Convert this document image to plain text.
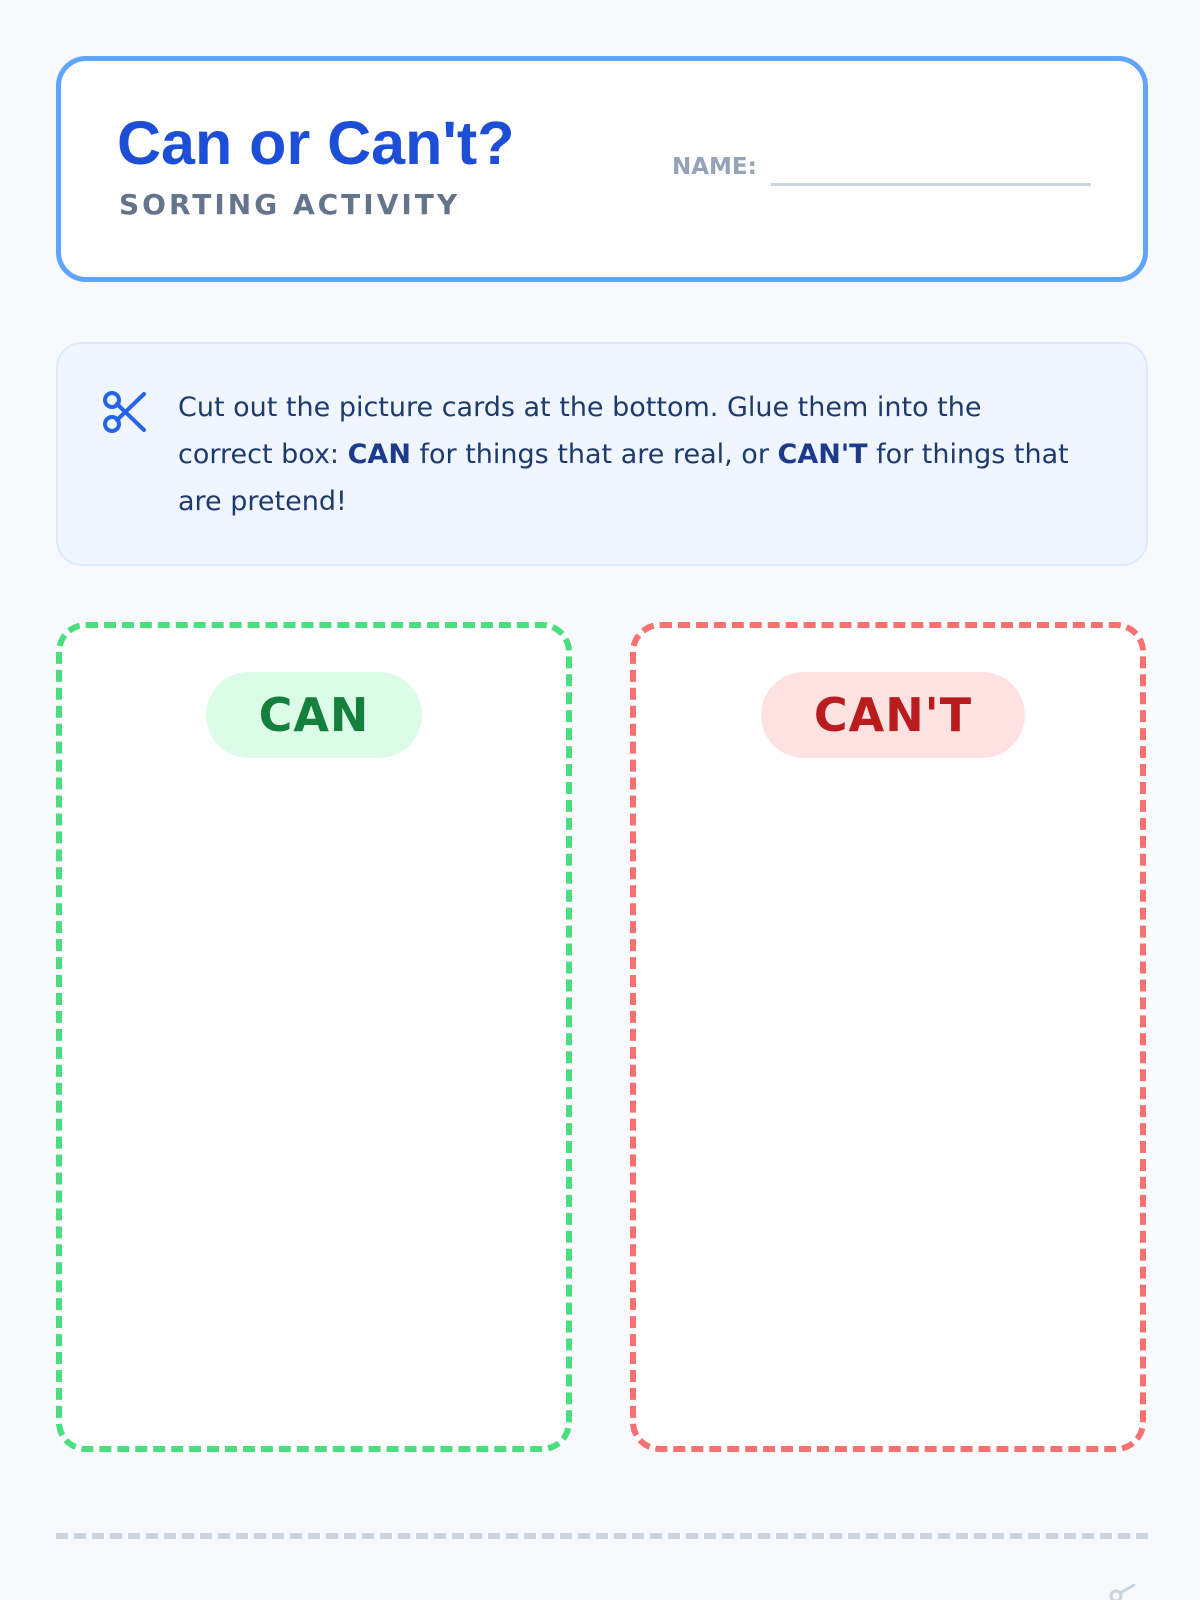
Can or Can't?
SORTING ACTIVITY
NAME:
Cut out the picture cards at the bottom. Glue them into the correct box: CAN for things that are real, or CAN'T for things that are pretend!
CAN	CAN'T
